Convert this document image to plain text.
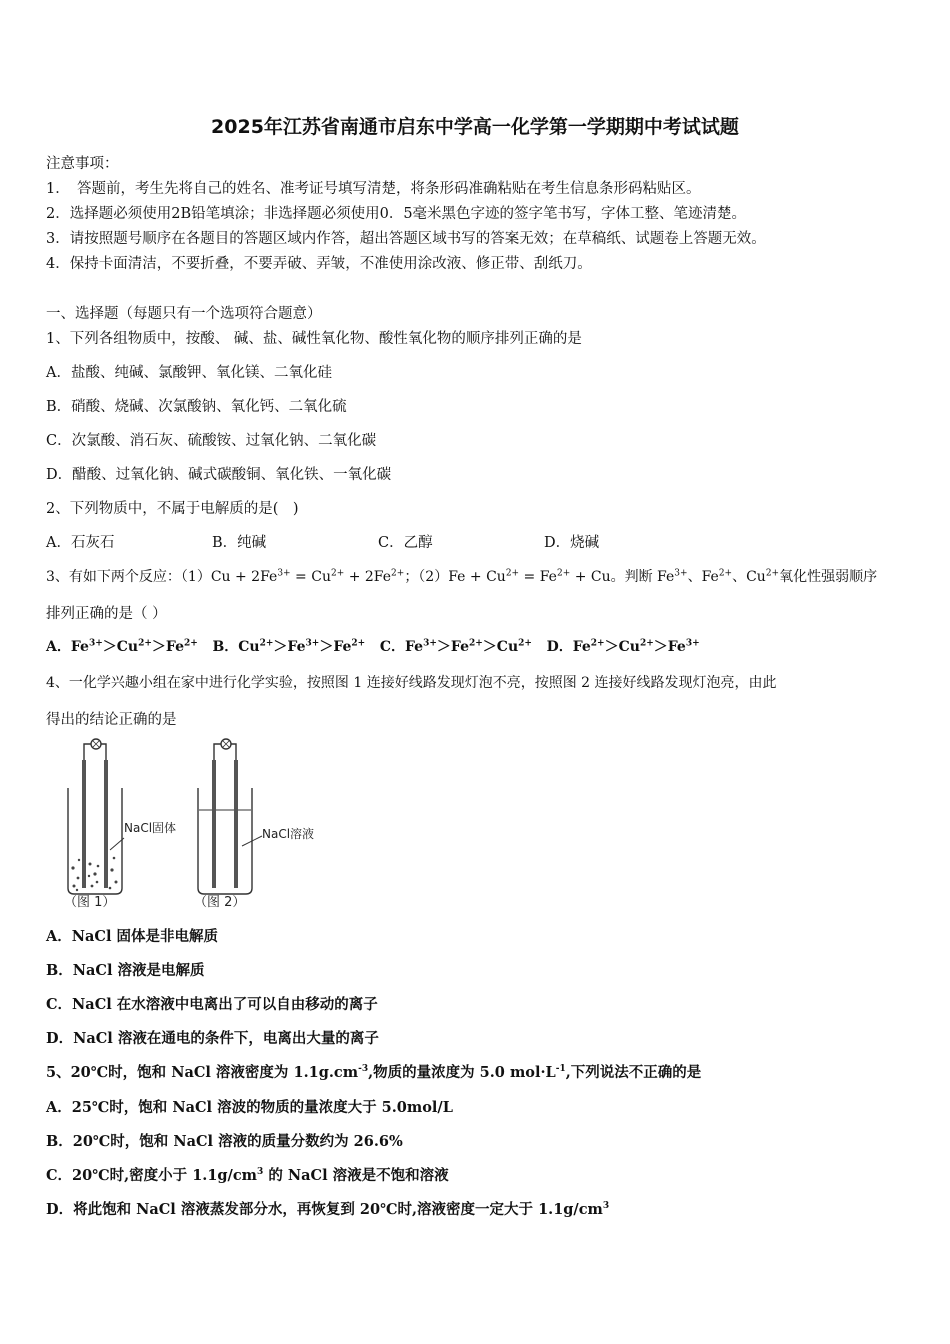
2025年江苏省南通市启东中学高一化学第一学期期中考试试题
注意事项：
1．　答题前，考生先将自己的姓名、准考证号填写清楚，将条形码准确粘贴在考生信息条形码粘贴区。
2．选择题必须使用2B铅笔填涂；非选择题必须使用0．5毫米黑色字迹的签字笔书写，字体工整、笔迹清楚。
3．请按照题号顺序在各题目的答题区域内作答，超出答题区域书写的答案无效；在草稿纸、试题卷上答题无效。
4．保持卡面清洁，不要折叠，不要弄破、弄皱，不准使用涂改液、修正带、刮纸刀。
一、选择题（每题只有一个选项符合题意）
1、下列各组物质中，按酸、 碱、盐、碱性氧化物、酸性氧化物的顺序排列正确的是
A．盐酸、纯碱、氯酸钾、氧化镁、二氧化硅
B．硝酸、烧碱、次氯酸钠、氧化钙、二氧化硫
C．次氯酸、消石灰、硫酸铵、过氧化钠、二氧化碳
D．醋酸、过氧化钠、碱式碳酸铜、氧化铁、一氧化碳
2、下列物质中，不属于电解质的是(　)
A．石灰石	B．纯碱	C．乙醇	D．烧碱
3、有如下两个反应：$(1)Cu + 2Fe^{3+} = Cu^{2+} + 2Fe^{2+}$；$(2)Fe + Cu^{2+} = Fe^{2+} + Cu$。判断 $Fe^{3+}$、$Fe^{2+}$、$Cu^{2+}$氧化性强弱顺序
排列正确的是（ ）
A．$Fe^{3+}>Cu^{2+}>Fe^{2+}$ B．$Cu^{2+}>Fe^{3+}>Fe^{2+}$ C．$Fe^{3+}>Fe^{2+}>Cu^{2+}$ D．$Fe^{2+}>Cu^{2+}>Fe^{3+}$
4、一化学兴趣小组在家中进行化学实验，按照图 1 连接好线路发现灯泡不亮，按照图 2 连接好线路发现灯泡亮，由此
得出的结论正确的是
NaCl固体
（图 1）
NaCl溶液
（图 2）
A．NaCl 固体是非电解质
B．NaCl 溶液是电解质
C．NaCl 在水溶液中电离出了可以自由移动的离子
D．NaCl 溶液在通电的条件下，电离出大量的离子
5、20℃时，饱和 NaCl 溶液密度为 $1.1g.cm^{-3}$,物质的量浓度为 5.0 $mol\cdot L^{-1}$,下列说法不正确的是
A．25℃时，饱和 NaCl 溶波的物质的量浓度大于 5.0mol/L
B．20℃时，饱和 NaCl 溶液的质量分数约为 26.6%
C．20℃时,密度小于 $1.1g/cm^3$ 的 NaCl 溶液是不饱和溶液
D．将此饱和 NaCl 溶液蒸发部分水，再恢复到 20℃时,溶液密度一定大于 $1.1g/cm^3$
